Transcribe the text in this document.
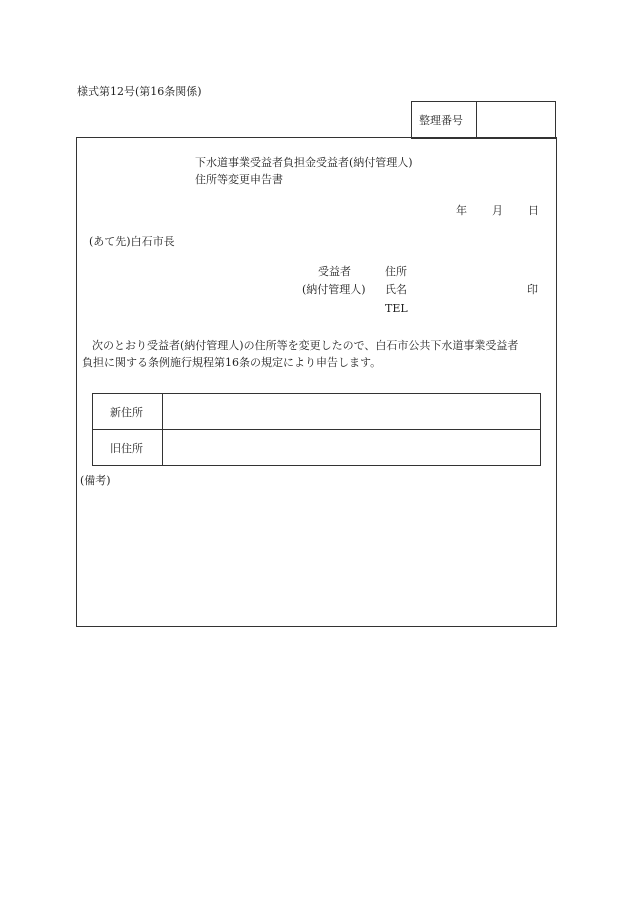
様式第12号(第16条関係)
整理番号
下水道事業受益者負担金受益者(納付管理人)
住所等変更申告書
年 月 日
(あて先)白石市長
受益者
(納付管理人)
住所
氏名
TEL
印
次のとおり受益者(納付管理人)の住所等を変更したので、白石市公共下水道事業受益者
負担に関する条例施行規程第16条の規定により申告します。
新住所
旧住所
(備考)
